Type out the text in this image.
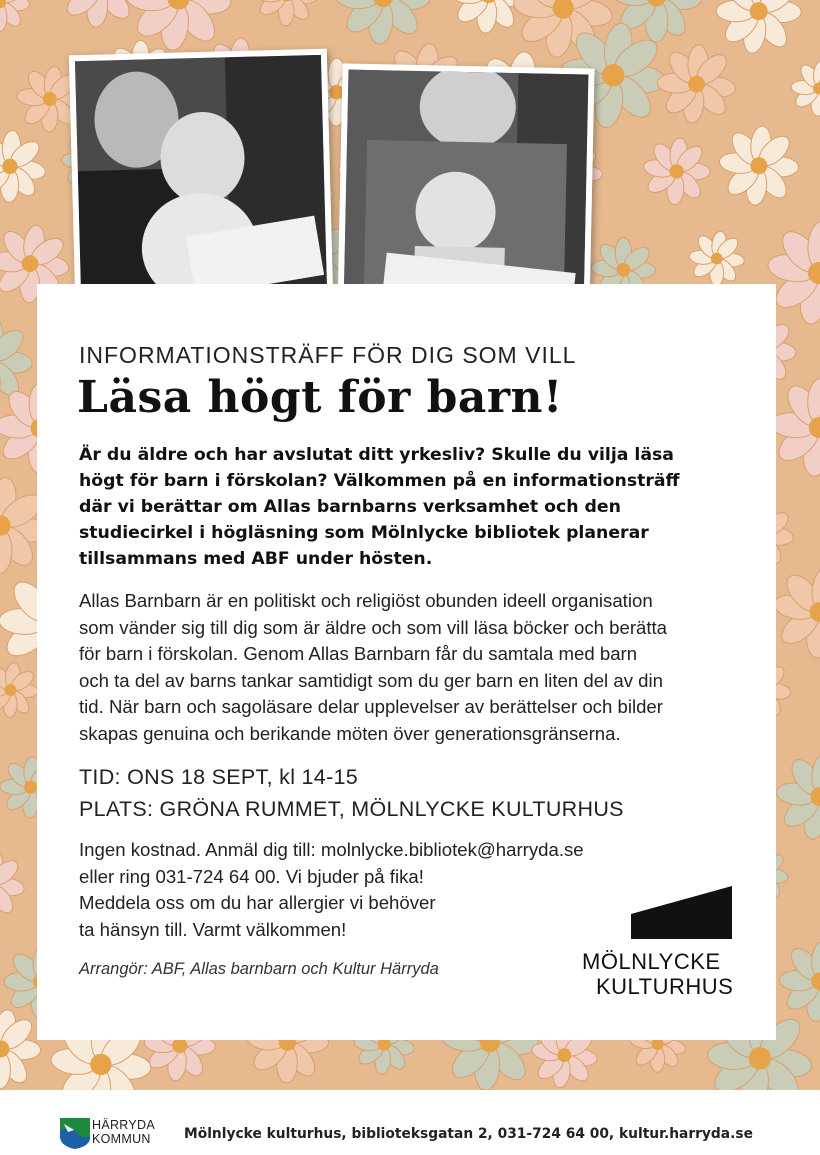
INFORMATIONSTRÄFF FÖR DIG SOM VILL
Läsa högt för barn!
Är du äldre och har avslutat ditt yrkesliv? Skulle du vilja läsa
högt för barn i förskolan? Välkommen på en informationsträff
där vi berättar om Allas barnbarns verksamhet och den
studiecirkel i högläsning som Mölnlycke bibliotek planerar
tillsammans med ABF under hösten.
Allas Barnbarn är en politiskt och religiöst obunden ideell organisation
som vänder sig till dig som är äldre och som vill läsa böcker och berätta
för barn i förskolan. Genom Allas Barnbarn får du samtala med barn
och ta del av barns tankar samtidigt som du ger barn en liten del av din
tid. När barn och sagoläsare delar upplevelser av berättelser och bilder
skapas genuina och berikande möten över generationsgränserna.
TID: ONS 18 SEPT, kl 14-15
PLATS: GRÖNA RUMMET, MÖLNLYCKE KULTURHUS
Ingen kostnad. Anmäl dig till: molnlycke.bibliotek@harryda.se
eller ring 031-724 64 00. Vi bjuder på fika!
Meddela oss om du har allergier vi behöver
ta hänsyn till. Varmt välkommen!
Arrangör: ABF, Allas barnbarn och Kultur Härryda	MÖLNLYCKE
KULTURHUS
HÄRRYDA
KOMMUN Mölnlycke kulturhus, biblioteksgatan 2, 031-724 64 00, kultur.harryda.se
